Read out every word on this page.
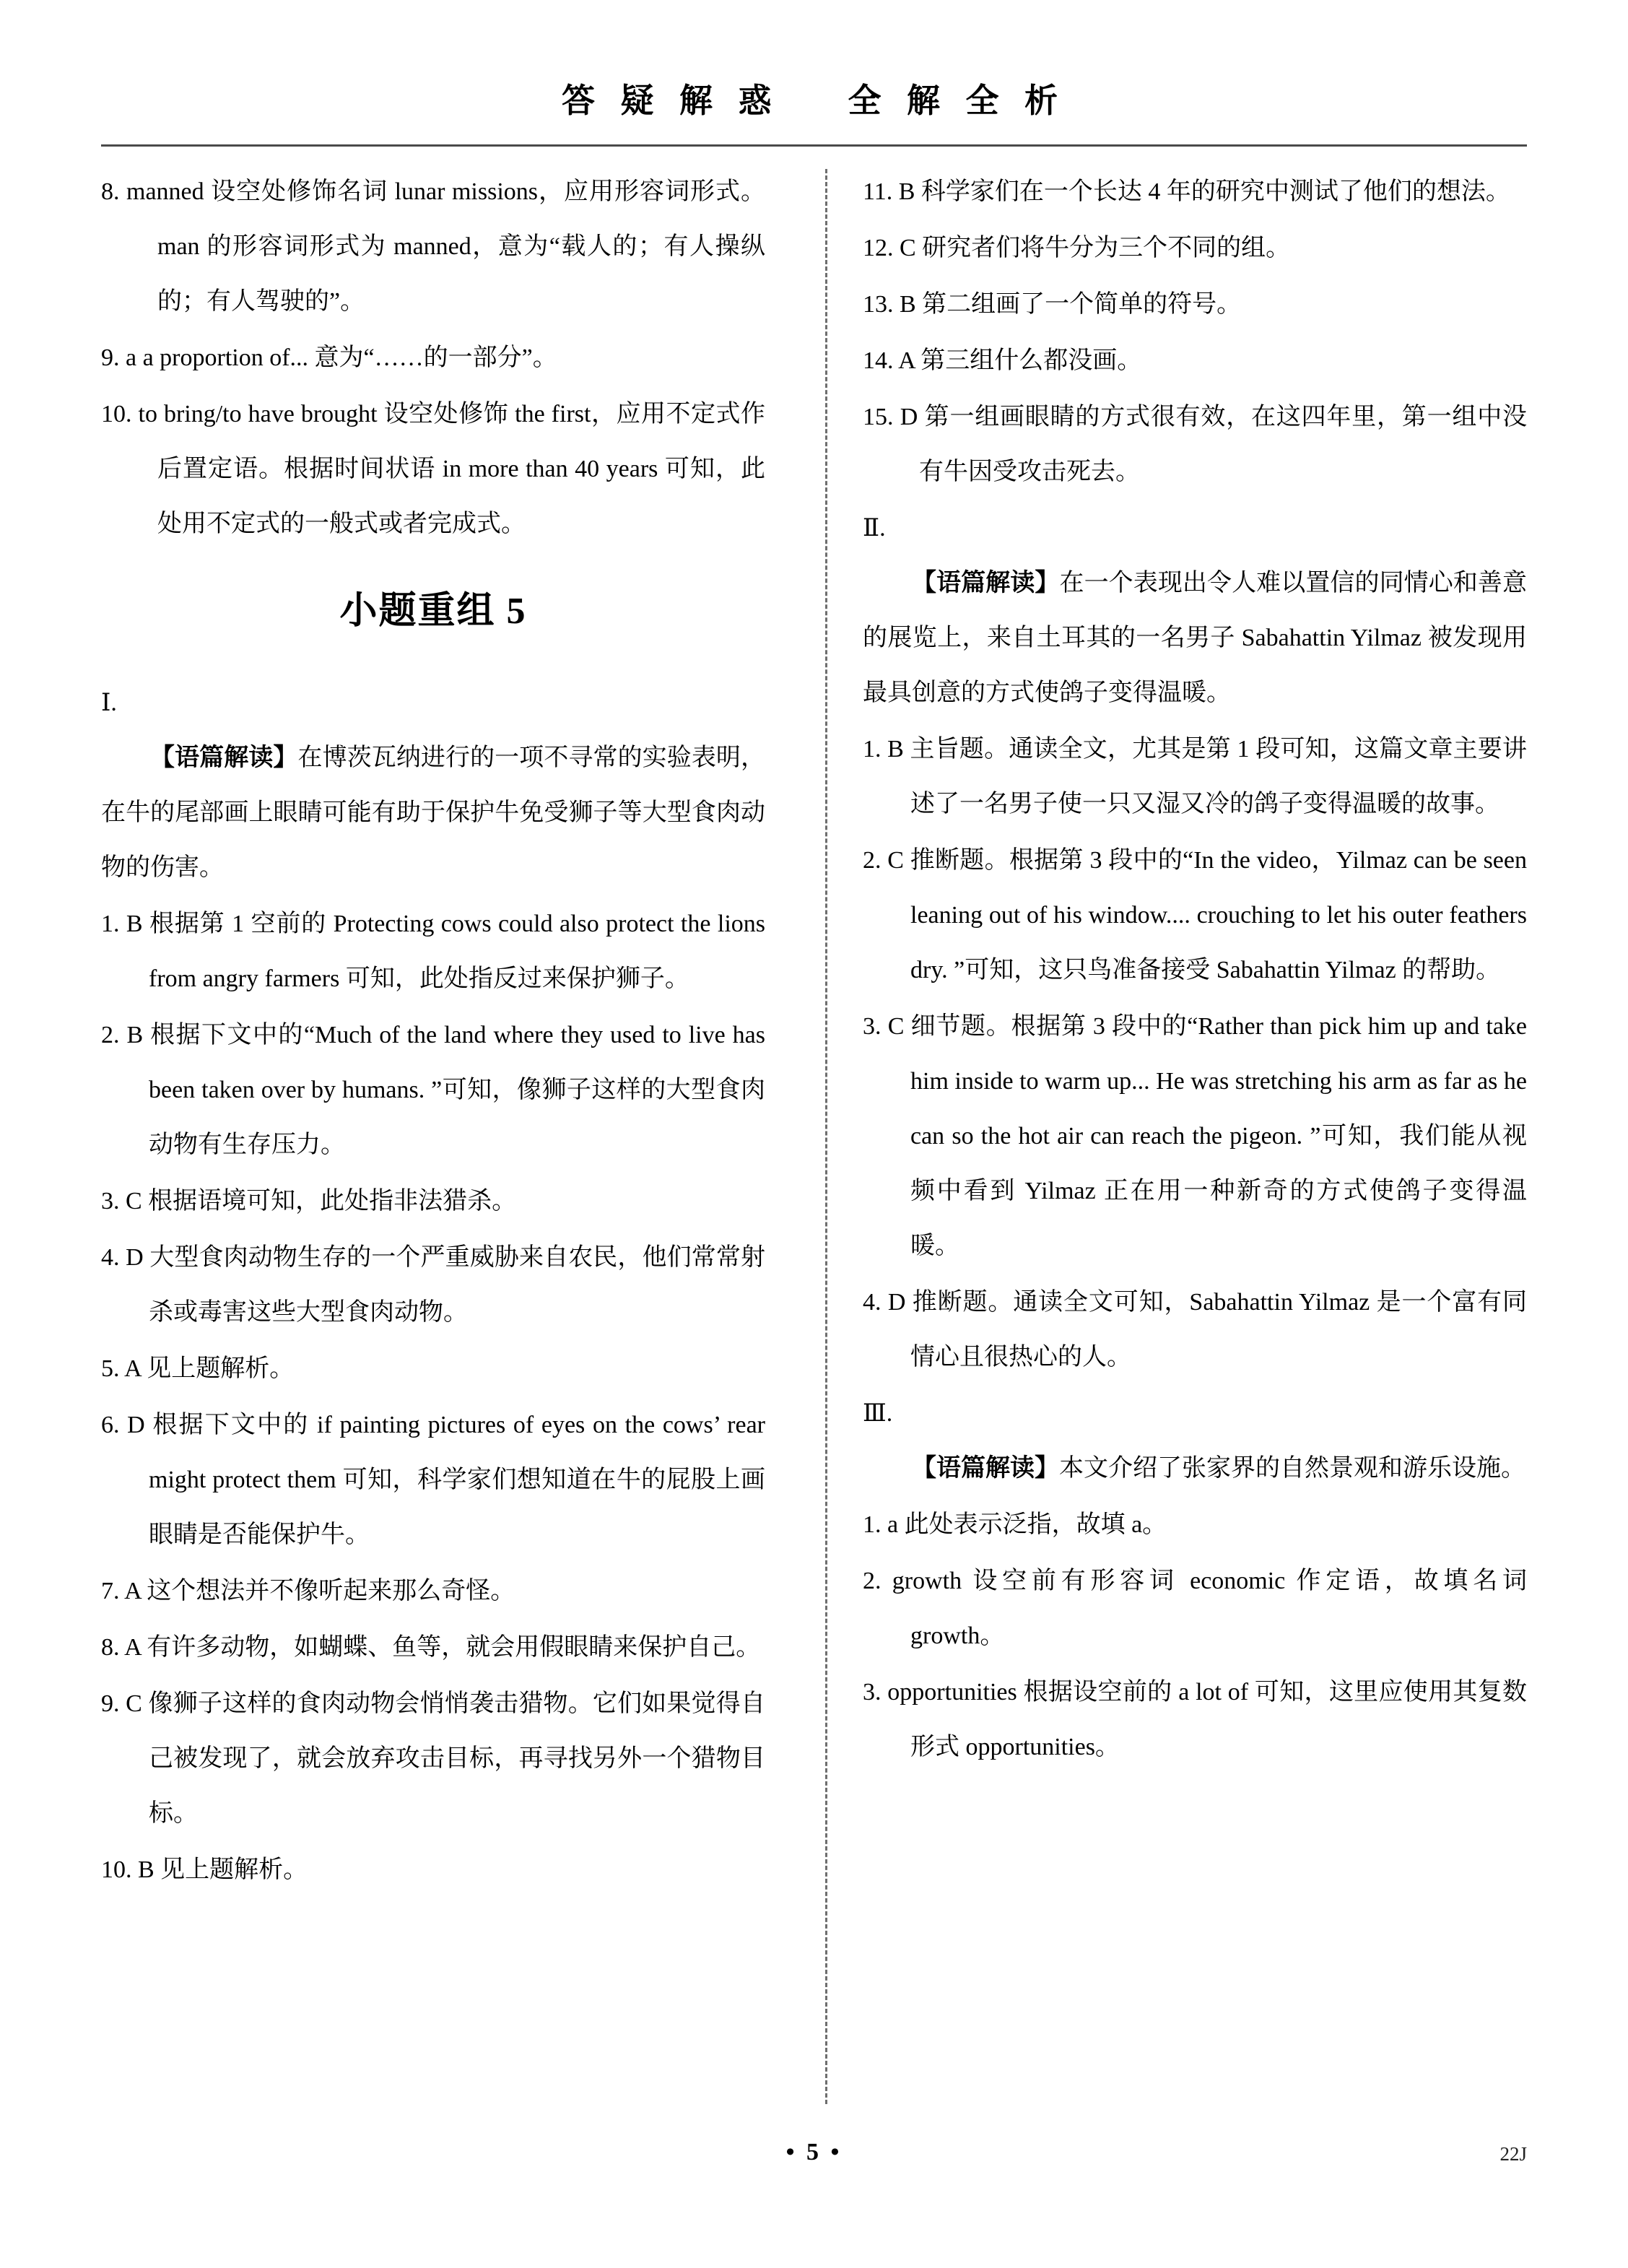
答 疑 解 惑    全 解 全 析
8. manned 设空处修饰名词 lunar missions，应用形容词形式。man 的形容词形式为 manned，意为“载人的；有人操纵的；有人驾驶的”。
9. a a proportion of... 意为“……的一部分”。
10. to bring/to have brought 设空处修饰 the first，应用不定式作后置定语。根据时间状语 in more than 40 years 可知，此处用不定式的一般式或者完成式。
小题重组 5
Ⅰ.
【语篇解读】在博茨瓦纳进行的一项不寻常的实验表明，在牛的尾部画上眼睛可能有助于保护牛免受狮子等大型食肉动物的伤害。
1. B 根据第 1 空前的 Protecting cows could also protect the lions from angry farmers 可知，此处指反过来保护狮子。
2. B 根据下文中的“Much of the land where they used to live has been taken over by humans. ”可知，像狮子这样的大型食肉动物有生存压力。
3. C 根据语境可知，此处指非法猎杀。
4. D 大型食肉动物生存的一个严重威胁来自农民，他们常常射杀或毒害这些大型食肉动物。
5. A 见上题解析。
6. D 根据下文中的 if painting pictures of eyes on the cows’ rear might protect them 可知，科学家们想知道在牛的屁股上画眼睛是否能保护牛。
7. A 这个想法并不像听起来那么奇怪。
8. A 有许多动物，如蝴蝶、鱼等，就会用假眼睛来保护自己。
9. C 像狮子这样的食肉动物会悄悄袭击猎物。它们如果觉得自己被发现了，就会放弃攻击目标，再寻找另外一个猎物目标。
10. B 见上题解析。
11. B 科学家们在一个长达 4 年的研究中测试了他们的想法。
12. C 研究者们将牛分为三个不同的组。
13. B 第二组画了一个简单的符号。
14. A 第三组什么都没画。
15. D 第一组画眼睛的方式很有效，在这四年里，第一组中没有牛因受攻击死去。
Ⅱ.
【语篇解读】在一个表现出令人难以置信的同情心和善意的展览上，来自土耳其的一名男子 Sabahattin Yilmaz 被发现用最具创意的方式使鸽子变得温暖。
1. B 主旨题。通读全文，尤其是第 1 段可知，这篇文章主要讲述了一名男子使一只又湿又冷的鸽子变得温暖的故事。
2. C 推断题。根据第 3 段中的“In the video，Yilmaz can be seen leaning out of his window.... crouching to let his outer feathers dry. ”可知，这只鸟准备接受 Sabahattin Yilmaz 的帮助。
3. C 细节题。根据第 3 段中的“Rather than pick him up and take him inside to warm up... He was stretching his arm as far as he can so the hot air can reach the pigeon. ”可知，我们能从视频中看到 Yilmaz 正在用一种新奇的方式使鸽子变得温暖。
4. D 推断题。通读全文可知，Sabahattin Yilmaz 是一个富有同情心且很热心的人。
Ⅲ.
【语篇解读】本文介绍了张家界的自然景观和游乐设施。
1. a 此处表示泛指，故填 a。
2. growth 设空前有形容词 economic 作定语，故填名词 growth。
3. opportunities 根据设空前的 a lot of 可知，这里应使用其复数形式 opportunities。
• 5 •	22J
